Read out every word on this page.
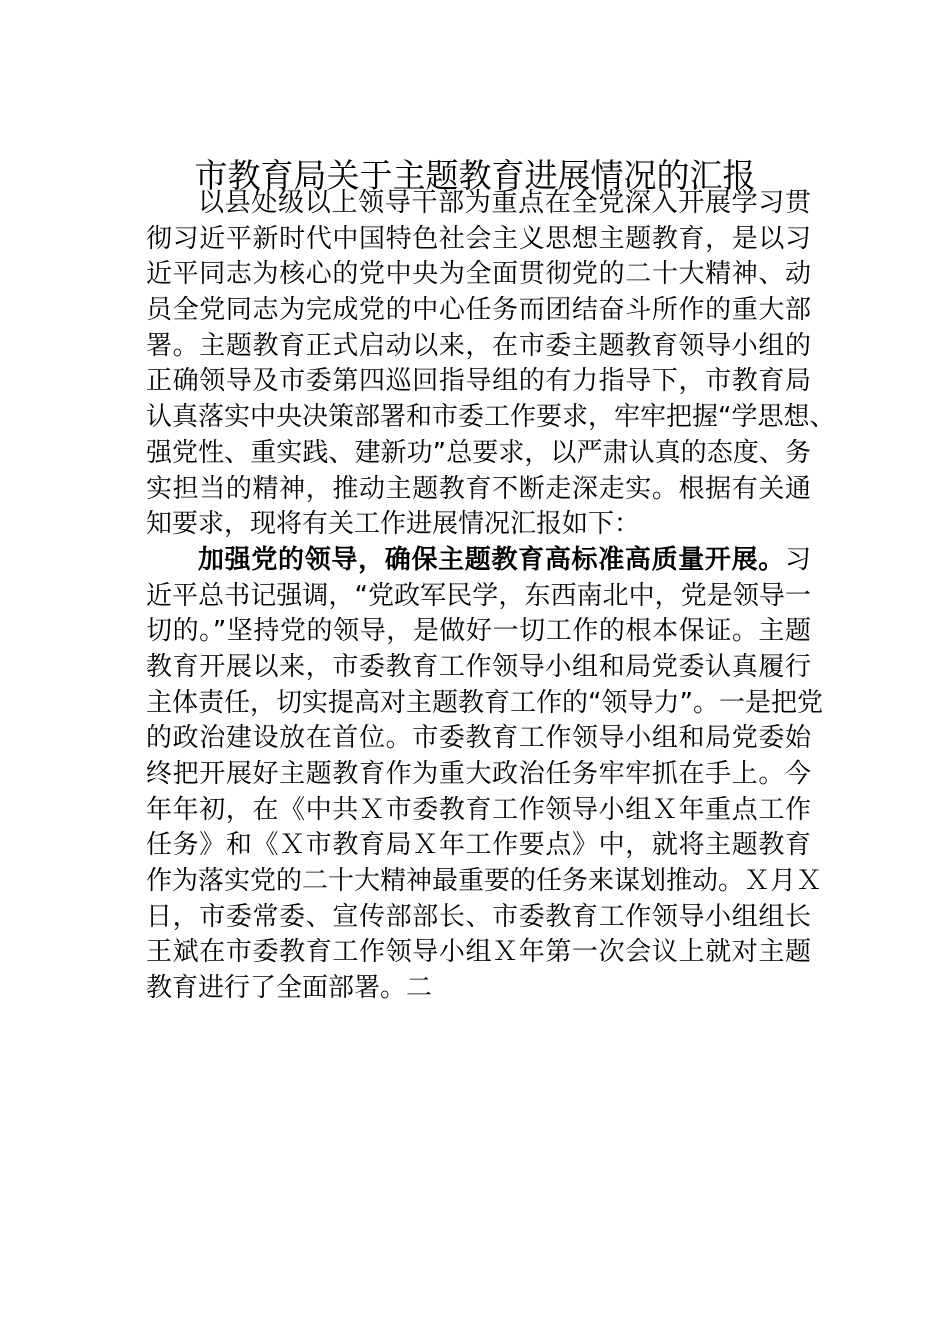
市教育局关于主题教育进展情况的汇报
以县处级以上领导干部为重点在全党深入开展学习贯
彻习近平新时代中国特色社会主义思想主题教育，是以习
近平同志为核心的党中央为全面贯彻党的二十大精神、动
员全党同志为完成党的中心任务而团结奋斗所作的重大部
署。主题教育正式启动以来，在市委主题教育领导小组的
正确领导及市委第四巡回指导组的有力指导下，市教育局
认真落实中央决策部署和市委工作要求，牢牢把握“学思想、
强党性、重实践、建新功”总要求，以严肃认真的态度、务
实担当的精神，推动主题教育不断走深走实。根据有关通
知要求，现将有关工作进展情况汇报如下：
加强党的领导，确保主题教育高标准高质量开展。习
近平总书记强调，“党政军民学，东西南北中，党是领导一
切的。”坚持党的领导，是做好一切工作的根本保证。主题
教育开展以来，市委教育工作领导小组和局党委认真履行
主体责任，切实提高对主题教育工作的“领导力”。一是把党
的政治建设放在首位。市委教育工作领导小组和局党委始
终把开展好主题教育作为重大政治任务牢牢抓在手上。今
年年初，在《中共Ｘ市委教育工作领导小组Ｘ年重点工作
任务》和《Ｘ市教育局Ｘ年工作要点》中，就将主题教育
作为落实党的二十大精神最重要的任务来谋划推动。Ｘ月Ｘ
日，市委常委、宣传部部长、市委教育工作领导小组组长
王斌在市委教育工作领导小组Ｘ年第一次会议上就对主题
教育进行了全面部署。二
